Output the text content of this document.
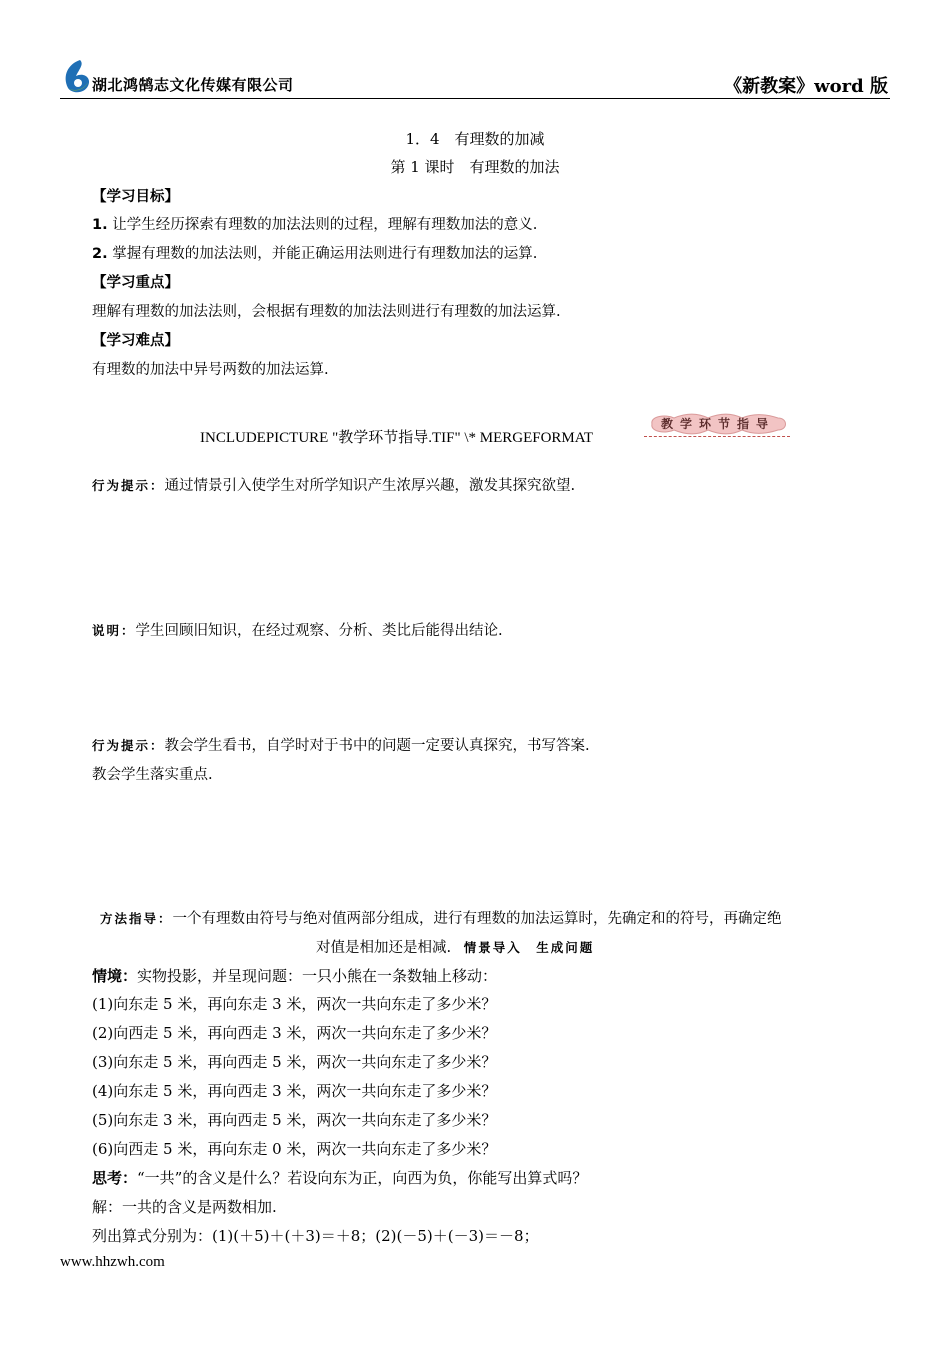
湖北鸿鹄志文化传媒有限公司	《新教案》word 版
1．4　有理数的加减
第 1 课时　有理数的加法
【学习目标】
1. 让学生经历探索有理数的加法法则的过程，理解有理数加法的意义.
2. 掌握有理数的加法法则，并能正确运用法则进行有理数加法的运算.
【学习重点】
理解有理数的加法法则，会根据有理数的加法法则进行有理数的加法运算.
【学习难点】
有理数的加法中异号两数的加法运算.
INCLUDEPICTURE "教学环节指导.TIF" \* MERGEFORMAT
教学环节指导
行为提示：通过情景引入使学生对所学知识产生浓厚兴趣，激发其探究欲望.
说明：学生回顾旧知识，在经过观察、分析、类比后能得出结论.
行为提示：教会学生看书，自学时对于书中的问题一定要认真探究，书写答案.
教会学生落实重点.
方法指导：一个有理数由符号与绝对值两部分组成，进行有理数的加法运算时，先确定和的符号，再确定绝
对值是相加还是相减. 情景导入　生成问题
情境：实物投影，并呈现问题：一只小熊在一条数轴上移动：
(1)向东走 5 米，再向东走 3 米，两次一共向东走了多少米？
(2)向西走 5 米，再向西走 3 米，两次一共向东走了多少米？
(3)向东走 5 米，再向西走 5 米，两次一共向东走了多少米？
(4)向东走 5 米，再向西走 3 米，两次一共向东走了多少米？
(5)向东走 3 米，再向西走 5 米，两次一共向东走了多少米？
(6)向西走 5 米，再向东走 0 米，两次一共向东走了多少米？
思考：“一共”的含义是什么？若设向东为正，向西为负，你能写出算式吗？
解：一共的含义是两数相加.
列出算式分别为：(1)(＋5)＋(＋3)＝＋8；(2)(－5)＋(－3)＝－8；
www.hhzwh.com
